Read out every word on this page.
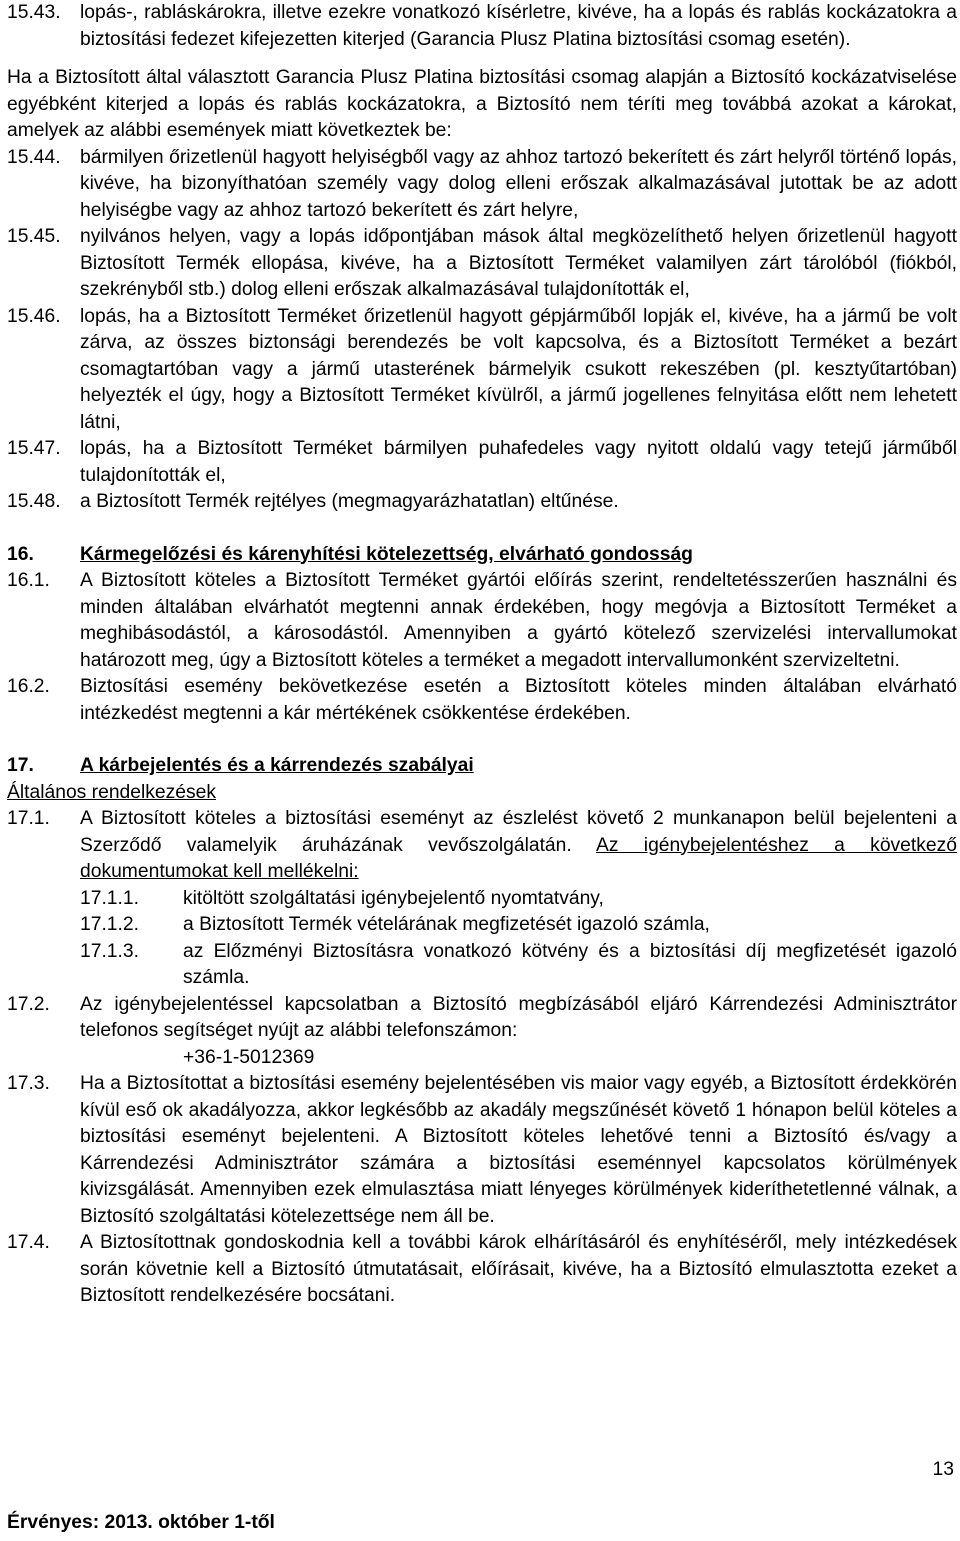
15.43.	lopás-, rabláskárokra, illetve ezekre vonatkozó kísérletre, kivéve, ha a lopás és rablás kockázatokra a biztosítási fedezet kifejezetten kiterjed (Garancia Plusz Platina biztosítási csomag esetén).
Ha a Biztosított által választott Garancia Plusz Platina biztosítási csomag alapján a Biztosító kockázatviselése egyébként kiterjed a lopás és rablás kockázatokra, a Biztosító nem téríti meg továbbá azokat a károkat, amelyek az alábbi események miatt következtek be:
15.44.	bármilyen őrizetlenül hagyott helyiségből vagy az ahhoz tartozó bekerített és zárt helyről történő lopás, kivéve, ha bizonyíthatóan személy vagy dolog elleni erőszak alkalmazásával jutottak be az adott helyiségbe vagy az ahhoz tartozó bekerített és zárt helyre,
15.45.	nyilvános helyen, vagy a lopás időpontjában mások által megközelíthető helyen őrizetlenül hagyott Biztosított Termék ellopása, kivéve, ha a Biztosított Terméket valamilyen zárt tárolóból (fiókból, szekrényből stb.) dolog elleni erőszak alkalmazásával tulajdonították el,
15.46.	lopás, ha a Biztosított Terméket őrizetlenül hagyott gépjárműből lopják el, kivéve, ha a jármű be volt zárva, az összes biztonsági berendezés be volt kapcsolva, és a Biztosított Terméket a bezárt csomagtartóban vagy a jármű utasterének bármelyik csukott rekeszében (pl. kesztyűtartóban) helyezték el úgy, hogy a Biztosított Terméket kívülről, a jármű jogellenes felnyitása előtt nem lehetett látni,
15.47.	lopás, ha a Biztosított Terméket bármilyen puhafedeles vagy nyitott oldalú vagy tetejű járműből tulajdonították el,
15.48.	a Biztosított Termék rejtélyes (megmagyarázhatatlan) eltűnése.
16.	Kármegelőzési és kárenyhítési kötelezettség, elvárható gondosság
16.1.	A Biztosított köteles a Biztosított Terméket gyártói előírás szerint, rendeltetésszerűen használni és minden általában elvárhatót megtenni annak érdekében, hogy megóvja a Biztosított Terméket a meghibásodástól, a károsodástól. Amennyiben a gyártó kötelező szervizelési intervallumokat határozott meg, úgy a Biztosított köteles a terméket a megadott intervallumonként szervizeltetni.
16.2.	Biztosítási esemény bekövetkezése esetén a Biztosított köteles minden általában elvárható intézkedést megtenni a kár mértékének csökkentése érdekében.
17.	A kárbejelentés és a kárrendezés szabályai
Általános rendelkezések
17.1.	A Biztosított köteles a biztosítási eseményt az észlelést követő 2 munkanapon belül bejelenteni a Szerződő valamelyik áruházának vevőszolgálatán. Az igénybejelentéshez a következő dokumentumokat kell mellékelni:
17.1.1.	kitöltött szolgáltatási igénybejelentő nyomtatvány,
17.1.2.	a Biztosított Termék vételárának megfizetését igazoló számla,
17.1.3.	az Előzményi Biztosításra vonatkozó kötvény és a biztosítási díj megfizetését igazoló számla.
17.2.	Az igénybejelentéssel kapcsolatban a Biztosító megbízásából eljáró Kárrendezési Adminisztrátor telefonos segítséget nyújt az alábbi telefonszámon:
+36-1-5012369
17.3.	Ha a Biztosítottat a biztosítási esemény bejelentésében vis maior vagy egyéb, a Biztosított érdekkörén kívül eső ok akadályozza, akkor legkésőbb az akadály megszűnését követő 1 hónapon belül köteles a biztosítási eseményt bejelenteni. A Biztosított köteles lehetővé tenni a Biztosító és/vagy a Kárrendezési Adminisztrátor számára a biztosítási eseménnyel kapcsolatos körülmények kivizsgálását. Amennyiben ezek elmulasztása miatt lényeges körülmények kideríthetetlenné válnak, a Biztosító szolgáltatási kötelezettsége nem áll be.
17.4.	A Biztosítottnak gondoskodnia kell a további károk elhárításáról és enyhítéséről, mely intézkedések során követnie kell a Biztosító útmutatásait, előírásait, kivéve, ha a Biztosító elmulasztotta ezeket a Biztosított rendelkezésére bocsátani.
13
Érvényes: 2013. október 1-től
